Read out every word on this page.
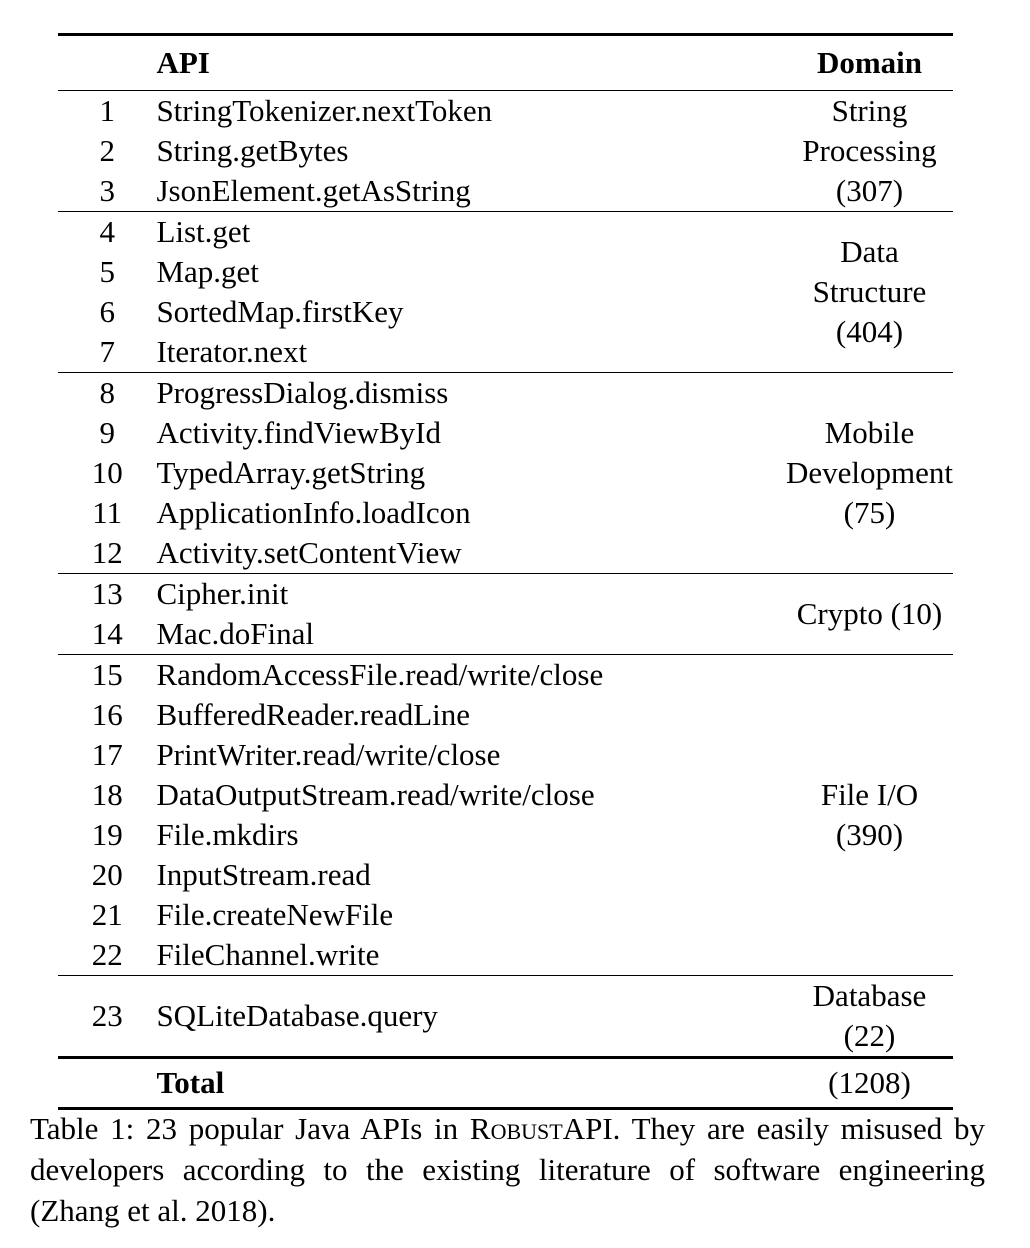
	API	Domain
1	StringTokenizer.nextToken	String
Processing
(307)

2	String.getBytes	
3	JsonElement.getAsString	
4	List.get	Data
Structure
(404)

5	Map.get	
6	SortedMap.firstKey	
7	Iterator.next	
8	ProgressDialog.dismiss	Mobile
Development
(75)

9	Activity.findViewById	
10	TypedArray.getString	
11	ApplicationInfo.loadIcon	
12	Activity.setContentView	
13	Cipher.init	Crypto (10)

14	Mac.doFinal	
15	RandomAccessFile.read/write/close	File I/O (390)

16	BufferedReader.readLine	
17	PrintWriter.read/write/close	
18	DataOutputStream.read/write/close	
19	File.mkdirs	
20	InputStream.read	
21	File.createNewFile	
22	FileChannel.write	
23	SQLiteDatabase.query	Database (22)

	Total	(1208)
Table 1: 23 popular Java APIs in RobustAPI. They are easily misused by developers according to the existing literature of software engineering (Zhang et al. 2018).
